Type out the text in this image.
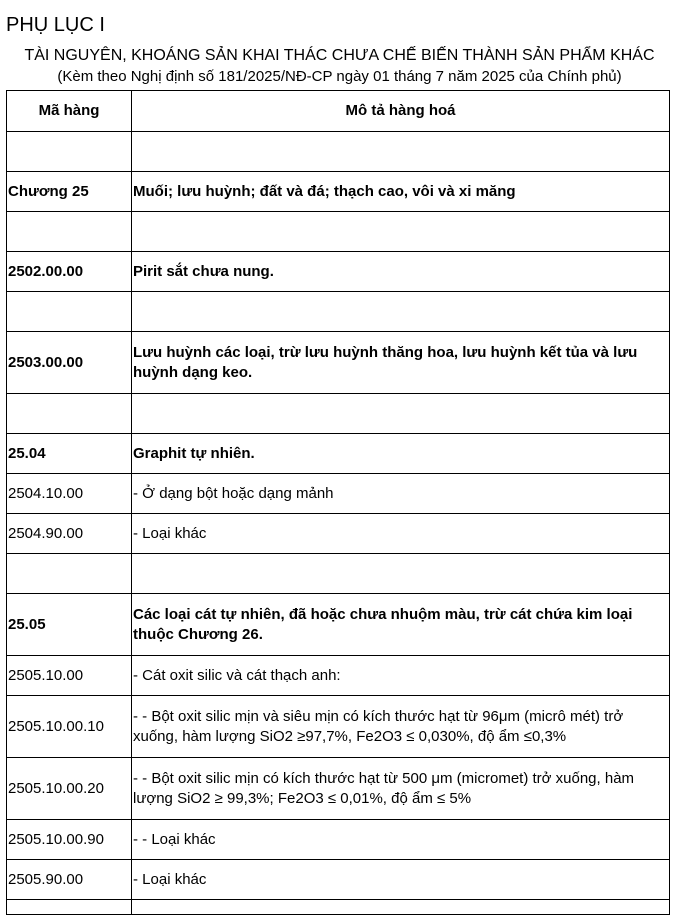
PHỤ LỤC I
TÀI NGUYÊN, KHOÁNG SẢN KHAI THÁC CHƯA CHẾ BIẾN THÀNH SẢN PHẨM KHÁC
(Kèm theo Nghị định số 181/2025/NĐ-CP ngày 01 tháng 7 năm 2025 của Chính phủ)
Mã hàng	Mô tả hàng hoá

Chương 25	Muối; lưu huỳnh; đất và đá; thạch cao, vôi và xi măng

2502.00.00	Pirit sắt chưa nung.

2503.00.00	Lưu huỳnh các loại, trừ lưu huỳnh thăng hoa, lưu huỳnh kết tủa và lưu huỳnh dạng keo.

25.04	Graphit tự nhiên.
2504.10.00	- Ở dạng bột hoặc dạng mảnh
2504.90.00	- Loại khác

25.05	Các loại cát tự nhiên, đã hoặc chưa nhuộm màu, trừ cát chứa kim loại thuộc Chương 26.
2505.10.00	- Cát oxit silic và cát thạch anh:
2505.10.00.10	- - Bột oxit silic mịn và siêu mịn có kích thước hạt từ 96μm (micrô mét) trở xuống, hàm lượng SiO2 ≥97,7%, Fe2O3 ≤ 0,030%, độ ẩm ≤0,3%
2505.10.00.20	- - Bột oxit silic mịn có kích thước hạt từ 500 μm (micromet) trở xuống, hàm lượng SiO2 ≥ 99,3%; Fe2O3 ≤ 0,01%, độ ẩm ≤ 5%
2505.10.00.90	- - Loại khác
2505.90.00	- Loại khác
